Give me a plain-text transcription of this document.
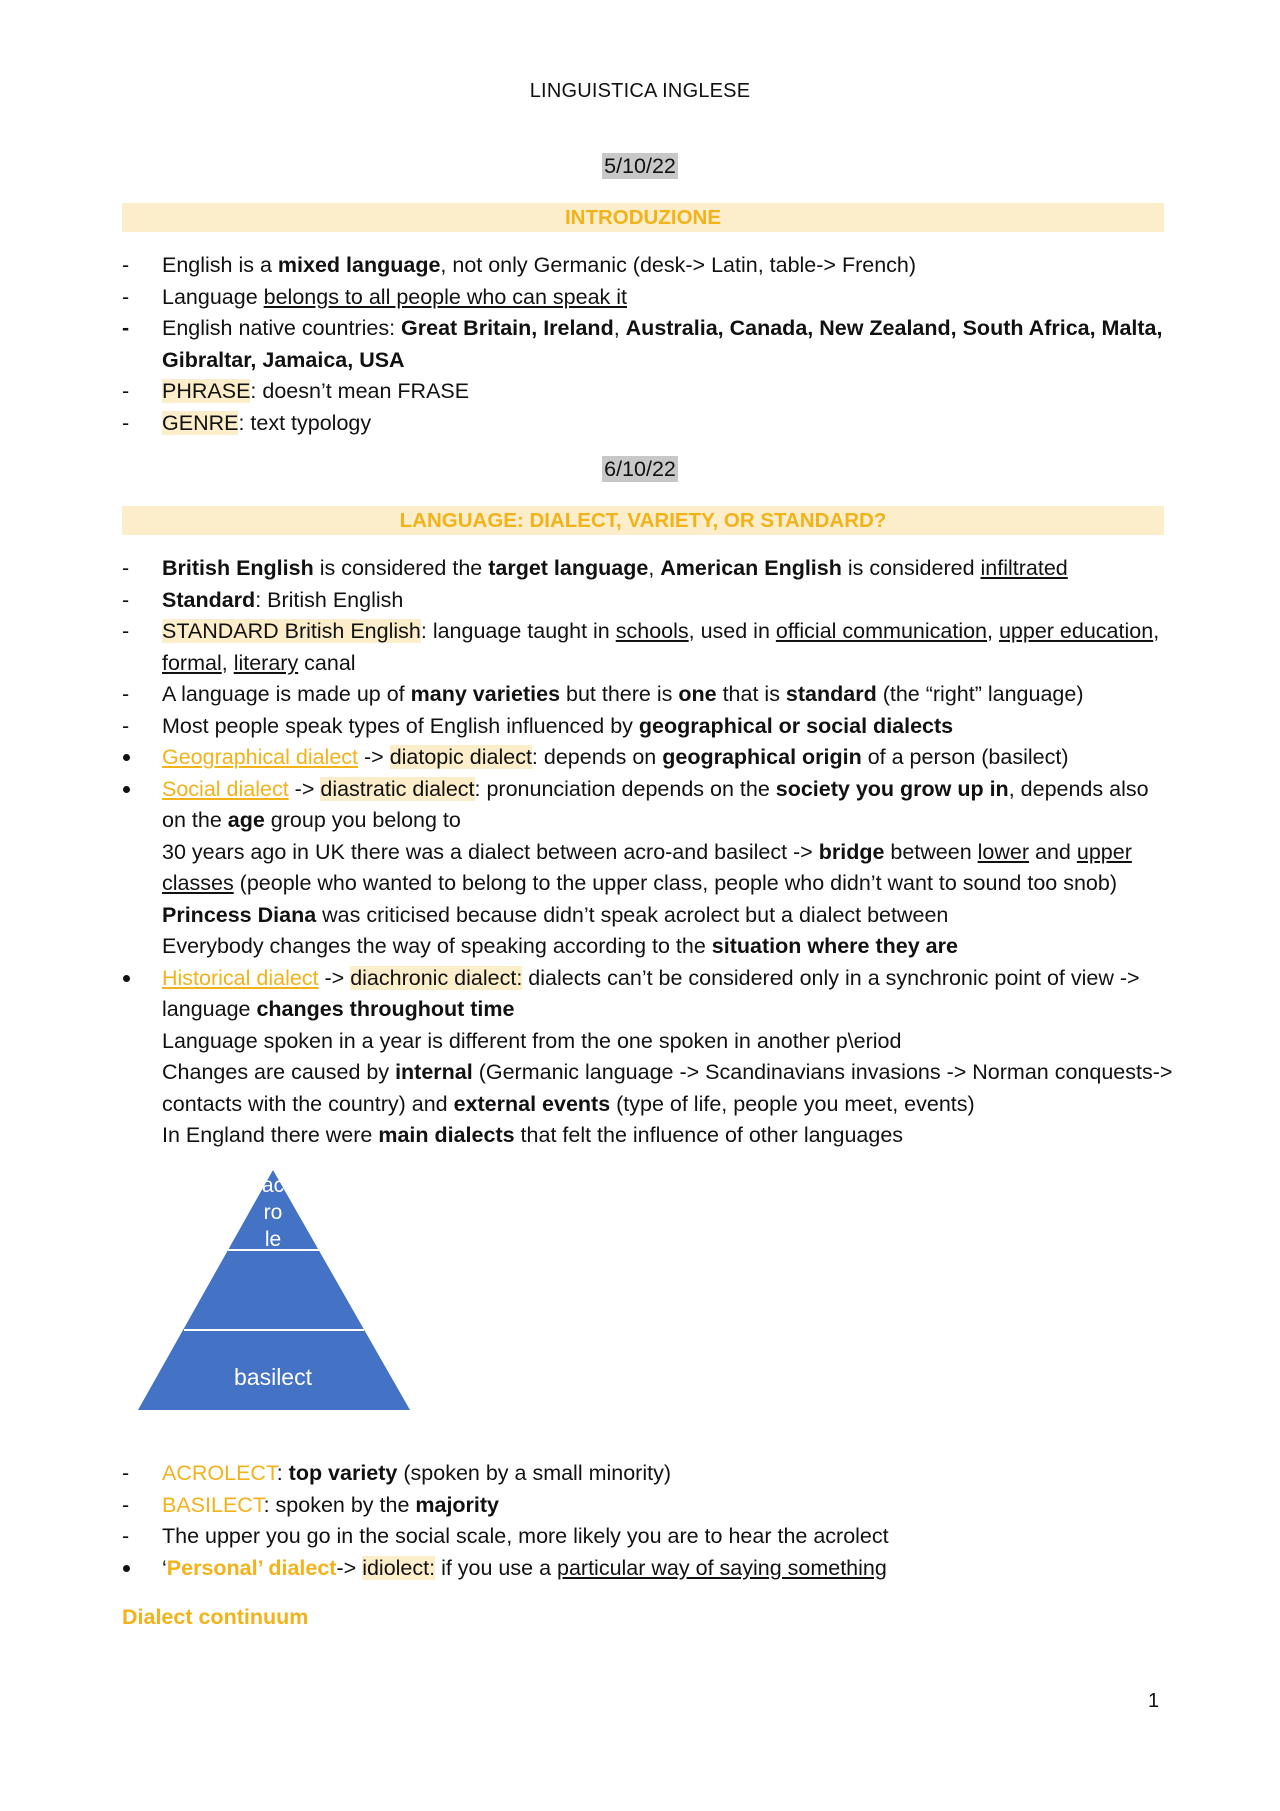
LINGUISTICA INGLESE
5/10/22
INTRODUZIONE
-	English is a mixed language, not only Germanic (desk-> Latin, table-> French)
-	Language belongs to all people who can speak it
-	English native countries: Great Britain, Ireland, Australia, Canada, New Zealand, South Africa, Malta,
Gibraltar, Jamaica, USA
-	PHRASE: doesn’t mean FRASE
-	GENRE: text typology
6/10/22
LANGUAGE: DIALECT, VARIETY, OR STANDARD?
-	British English is considered the target language, American English is considered infiltrated
-	Standard: British English
-	STANDARD British English: language taught in schools, used in official communication, upper education,
formal, literary canal
-	A language is made up of many varieties but there is one that is standard (the “right” language)
-	Most people speak types of English influenced by geographical or social dialects
Geographical dialect -> diatopic dialect: depends on geographical origin of a person (basilect)
Social dialect -> diastratic dialect: pronunciation depends on the society you grow up in, depends also
on the age group you belong to
30 years ago in UK there was a dialect between acro-and basilect -> bridge between lower and upper
classes (people who wanted to belong to the upper class, people who didn’t want to sound too snob)
Princess Diana was criticised because didn’t speak acrolect but a dialect between
Everybody changes the way of speaking according to the situation where they are
Historical dialect -> diachronic dialect: dialects can’t be considered only in a synchronic point of view ->
language changes throughout time
Language spoken in a year is different from the one spoken in another p\eriod
Changes are caused by internal (Germanic language -> Scandinavians invasions -> Norman conquests->
contacts with the country) and external events (type of life, people you meet, events)
In England there were main dialects that felt the influence of other languages
ac
ro
le
basilect
-	ACROLECT: top variety (spoken by a small minority)
-	BASILECT: spoken by the majority
-	The upper you go in the social scale, more likely you are to hear the acrolect
‘Personal’ dialect-> idiolect: if you use a particular way of saying something
Dialect continuum
1
